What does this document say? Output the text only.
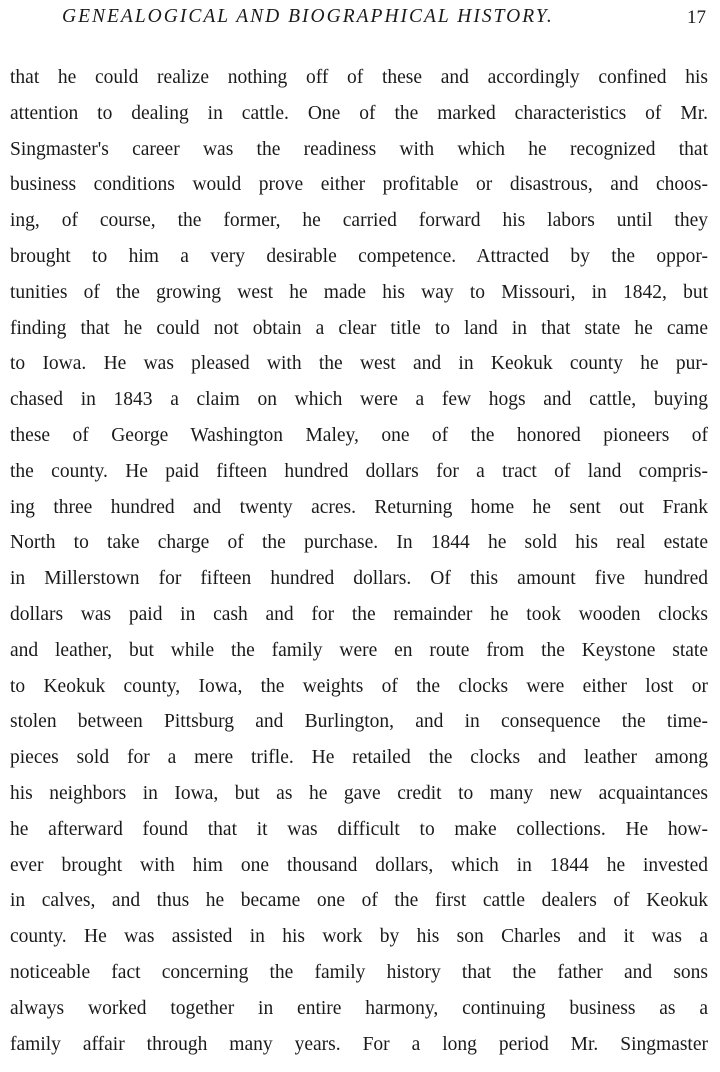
GENEALOGICAL AND BIOGRAPHICAL HISTORY.	17
that he could realize nothing off of these and accordingly confined his
attention to dealing in cattle. One of the marked characteristics of Mr.
Singmaster's career was the readiness with which he recognized that
business conditions would prove either profitable or disastrous, and choos-
ing, of course, the former, he carried forward his labors until they
brought to him a very desirable competence. Attracted by the oppor-
tunities of the growing west he made his way to Missouri, in 1842, but
finding that he could not obtain a clear title to land in that state he came
to Iowa. He was pleased with the west and in Keokuk county he pur-
chased in 1843 a claim on which were a few hogs and cattle, buying
these of George Washington Maley, one of the honored pioneers of
the county. He paid fifteen hundred dollars for a tract of land compris-
ing three hundred and twenty acres. Returning home he sent out Frank
North to take charge of the purchase. In 1844 he sold his real estate
in Millerstown for fifteen hundred dollars. Of this amount five hundred
dollars was paid in cash and for the remainder he took wooden clocks
and leather, but while the family were en route from the Keystone state
to Keokuk county, Iowa, the weights of the clocks were either lost or
stolen between Pittsburg and Burlington, and in consequence the time-
pieces sold for a mere trifle. He retailed the clocks and leather among
his neighbors in Iowa, but as he gave credit to many new acquaintances
he afterward found that it was difficult to make collections. He how-
ever brought with him one thousand dollars, which in 1844 he invested
in calves, and thus he became one of the first cattle dealers of Keokuk
county. He was assisted in his work by his son Charles and it was a
noticeable fact concerning the family history that the father and sons
always worked together in entire harmony, continuing business as a
family affair through many years. For a long period Mr. Singmaster
